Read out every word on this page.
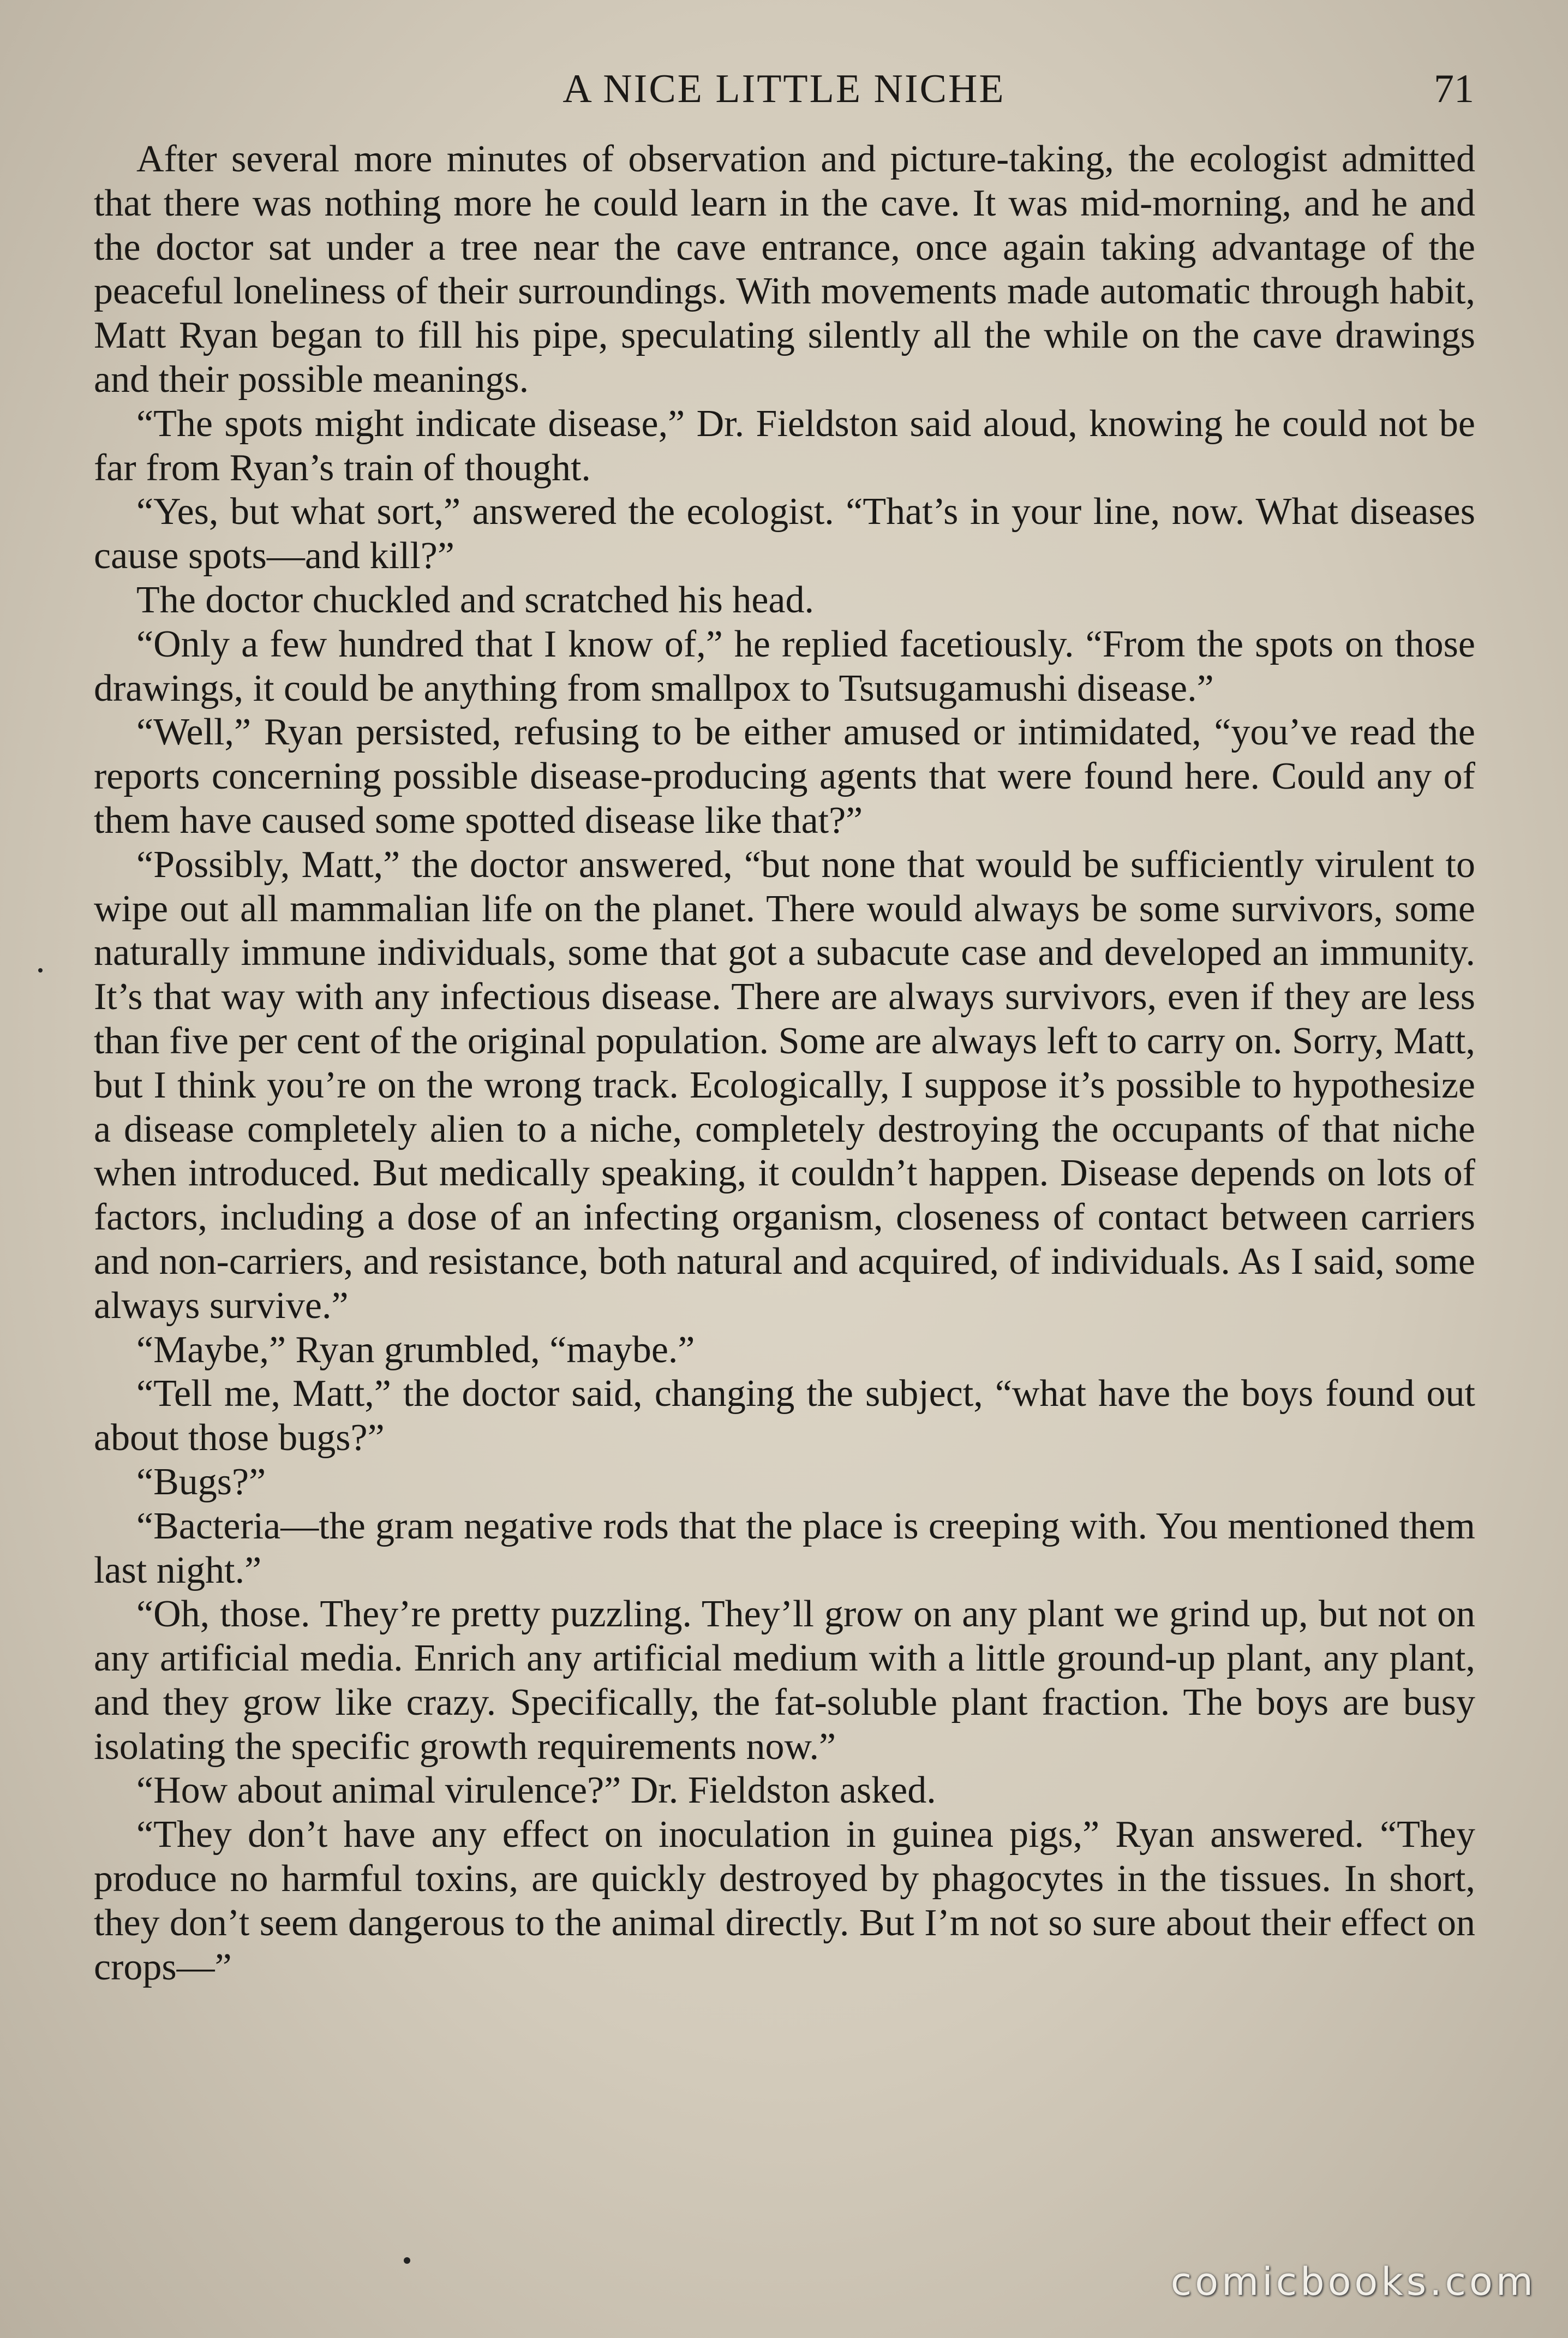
A NICE LITTLE NICHE	71

After several more minutes of observation and picture-taking, the ecologist admitted that there was nothing more he could learn in the cave. It was mid-morning, and he and the doctor sat under a tree near the cave entrance, once again taking advantage of the peaceful loneliness of their surroundings. With movements made automatic through habit, Matt Ryan began to fill his pipe, speculating silently all the while on the cave drawings and their possible meanings.

“The spots might indicate disease,” Dr. Fieldston said aloud, knowing he could not be far from Ryan’s train of thought.

“Yes, but what sort,” answered the ecologist. “That’s in your line, now. What diseases cause spots—and kill?”

The doctor chuckled and scratched his head.

“Only a few hundred that I know of,” he replied facetiously. “From the spots on those drawings, it could be anything from smallpox to Tsutsugamushi disease.”

“Well,” Ryan persisted, refusing to be either amused or intimidated, “you’ve read the reports concerning possible disease-producing agents that were found here. Could any of them have caused some spotted disease like that?”

“Possibly, Matt,” the doctor answered, “but none that would be sufficiently virulent to wipe out all mammalian life on the planet. There would always be some survivors, some naturally immune individuals, some that got a subacute case and developed an immunity. It’s that way with any infectious disease. There are always survivors, even if they are less than five per cent of the original population. Some are always left to carry on. Sorry, Matt, but I think you’re on the wrong track. Ecologically, I suppose it’s possible to hypothesize a disease completely alien to a niche, completely destroying the occupants of that niche when introduced. But medically speaking, it couldn’t happen. Disease depends on lots of factors, including a dose of an infecting organism, closeness of contact between carriers and non-carriers, and resistance, both natural and acquired, of individuals. As I said, some always survive.”

“Maybe,” Ryan grumbled, “maybe.”

“Tell me, Matt,” the doctor said, changing the subject, “what have the boys found out about those bugs?”

“Bugs?”

“Bacteria—the gram negative rods that the place is creeping with. You mentioned them last night.”

“Oh, those. They’re pretty puzzling. They’ll grow on any plant we grind up, but not on any artificial media. Enrich any artificial medium with a little ground-up plant, any plant, and they grow like crazy. Specifically, the fat-soluble plant fraction. The boys are busy isolating the specific growth requirements now.”

“How about animal virulence?” Dr. Fieldston asked.

“They don’t have any effect on inoculation in guinea pigs,” Ryan answered. “They produce no harmful toxins, are quickly destroyed by phagocytes in the tissues. In short, they don’t seem dangerous to the animal directly. But I’m not so sure about their effect on crops—”

comicbooks.com
